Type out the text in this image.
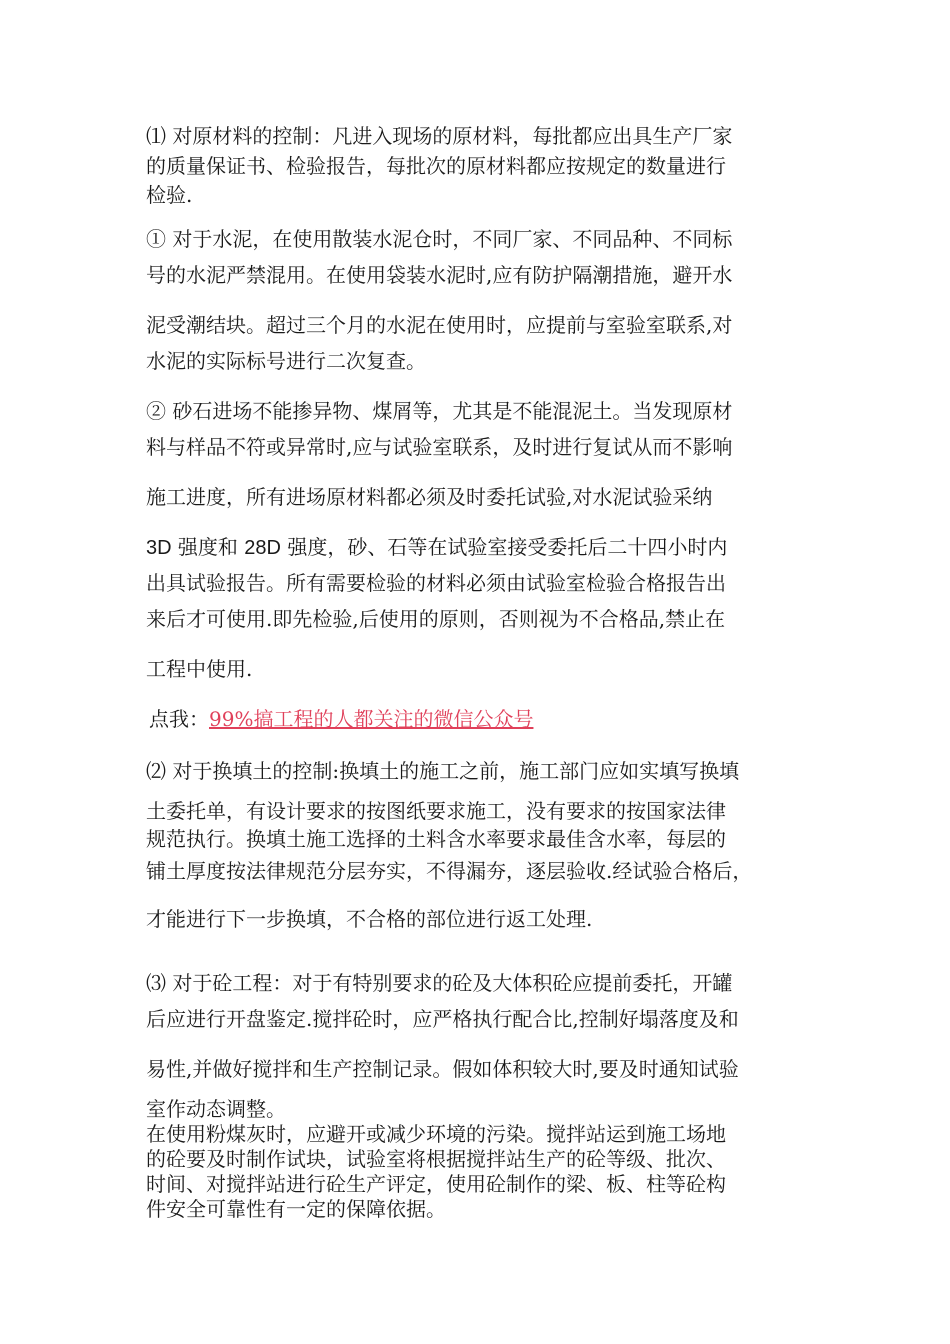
⑴ 对原材料的控制：凡进入现场的原材料，每批都应出具生产厂家

的质量保证书、检验报告，每批次的原材料都应按规定的数量进行

检验.

① 对于水泥，在使用散装水泥仓时，不同厂家、不同品种、不同标

号的水泥严禁混用。在使用袋装水泥时,应有防护隔潮措施，避开水

泥受潮结块。超过三个月的水泥在使用时，应提前与室验室联系,对

水泥的实际标号进行二次复查。

② 砂石进场不能掺异物、煤屑等，尤其是不能混泥土。当发现原材

料与样品不符或异常时,应与试验室联系，及时进行复试从而不影响

施工进度，所有进场原材料都必须及时委托试验,对水泥试验采纳

3D 强度和 28D 强度，砂、石等在试验室接受委托后二十四小时内

出具试验报告。所有需要检验的材料必须由试验室检验合格报告出

来后才可使用.即先检验,后使用的原则，否则视为不合格品,禁止在

工程中使用.

点我：99%搞工程的人都关注的微信公众号

⑵ 对于换填土的控制:换填土的施工之前，施工部门应如实填写换填

土委托单，有设计要求的按图纸要求施工，没有要求的按国家法律

规范执行。换填土施工选择的土料含水率要求最佳含水率，每层的

铺土厚度按法律规范分层夯实，不得漏夯，逐层验收.经试验合格后，

才能进行下一步换填，不合格的部位进行返工处理.

⑶ 对于砼工程：对于有特别要求的砼及大体积砼应提前委托，开罐

后应进行开盘鉴定.搅拌砼时，应严格执行配合比,控制好塌落度及和

易性,并做好搅拌和生产控制记录。假如体积较大时,要及时通知试验

室作动态调整。

在使用粉煤灰时，应避开或减少环境的污染。搅拌站运到施工场地

的砼要及时制作试块，试验室将根据搅拌站生产的砼等级、批次、

时间、对搅拌站进行砼生产评定，使用砼制作的梁、板、柱等砼构

件安全可靠性有一定的保障依据。
